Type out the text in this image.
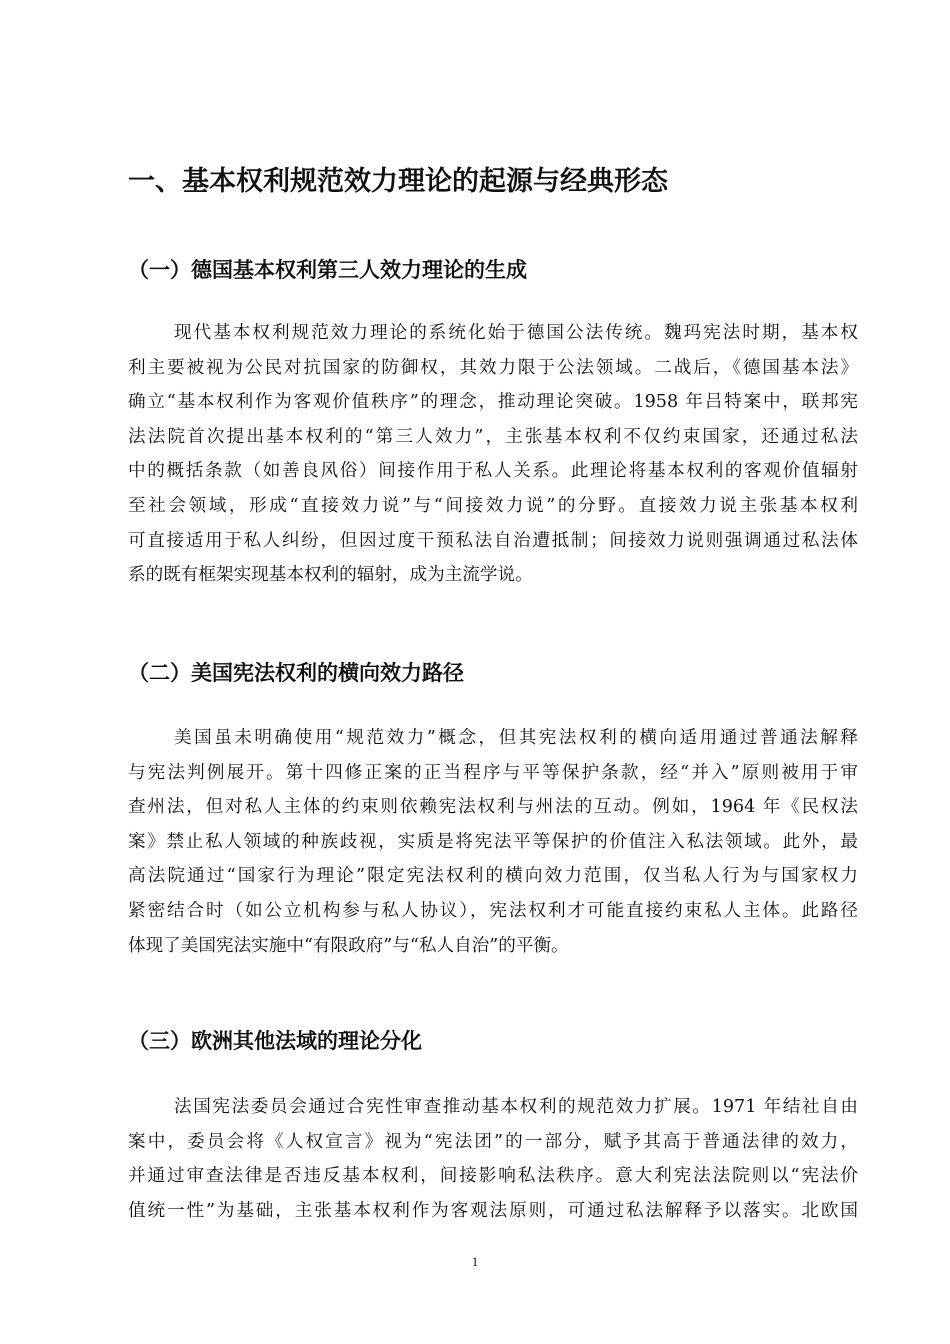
一、基本权利规范效力理论的起源与经典形态
（一）德国基本权利第三人效力理论的生成
现代基本权利规范效力理论的系统化始于德国公法传统。魏玛宪法时期，基本权
利主要被视为公民对抗国家的防御权，其效力限于公法领域。二战后，《德国基本法》
确立“基本权利作为客观价值秩序”的理念，推动理论突破。1958 年吕特案中，联邦宪
法法院首次提出基本权利的“第三人效力”，主张基本权利不仅约束国家，还通过私法
中的概括条款（如善良风俗）间接作用于私人关系。此理论将基本权利的客观价值辐射
至社会领域，形成“直接效力说”与“间接效力说”的分野。直接效力说主张基本权利
可直接适用于私人纠纷，但因过度干预私法自治遭抵制；间接效力说则强调通过私法体
系的既有框架实现基本权利的辐射，成为主流学说。
（二）美国宪法权利的横向效力路径
美国虽未明确使用“规范效力”概念，但其宪法权利的横向适用通过普通法解释
与宪法判例展开。第十四修正案的正当程序与平等保护条款，经“并入”原则被用于审
查州法，但对私人主体的约束则依赖宪法权利与州法的互动。例如，1964 年《民权法
案》禁止私人领域的种族歧视，实质是将宪法平等保护的价值注入私法领域。此外，最
高法院通过“国家行为理论”限定宪法权利的横向效力范围，仅当私人行为与国家权力
紧密结合时（如公立机构参与私人协议），宪法权利才可能直接约束私人主体。此路径
体现了美国宪法实施中“有限政府”与“私人自治”的平衡。
（三）欧洲其他法域的理论分化
法国宪法委员会通过合宪性审查推动基本权利的规范效力扩展。1971 年结社自由
案中，委员会将《人权宣言》视为“宪法团”的一部分，赋予其高于普通法律的效力，
并通过审查法律是否违反基本权利，间接影响私法秩序。意大利宪法法院则以“宪法价
值统一性”为基础，主张基本权利作为客观法原则，可通过私法解释予以落实。北欧国
1
